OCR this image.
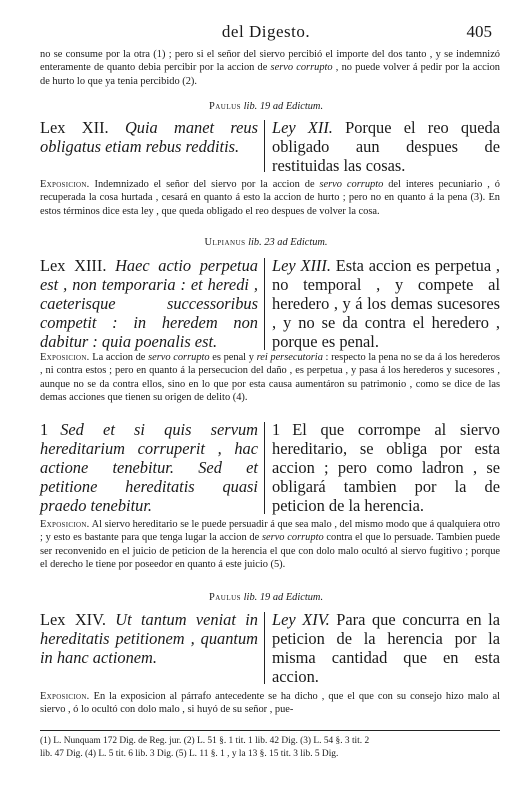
del Digesto.	405

no se consume por la otra (1) ; pero si el señor del siervo percibió el importe del dos tanto , y se indemnizó enteramente de quanto debia percibir por la accion de servo corrupto , no puede volver á pedir por la accion de hurto lo que ya tenia percibido (2).

Paulus lib. 19 ad Edictum.

Lex XII. Quia manet reus obligatus etiam rebus redditis.

Ley XII. Porque el reo queda obligado aun despues de restituidas las cosas.

Exposicion. Indemnizado el señor del siervo por la accion de servo corrupto del interes pecuniario , ó recuperada la cosa hurtada , cesará en quanto á esto la accion de hurto ; pero no en quanto á la pena (3). En estos términos dice esta ley , que queda obligado el reo despues de volver la cosa.

Ulpianus lib. 23 ad Edictum.

Lex XIII. Haec actio perpetua est , non temporaria : et heredi , caeterisque successoribus competit : in heredem non dabitur : quia poenalis est.

Ley XIII. Esta accion es perpetua , no temporal , y compete al heredero , y á los demas sucesores , y no se da contra el heredero , porque es penal.

Exposicion. La accion de servo corrupto es penal y rei persecutoria : respecto la pena no se da á los herederos , ni contra estos ; pero en quanto á la persecucion del daño , es perpetua , y pasa á los herederos y sucesores , aunque no se da contra ellos, sino en lo que por esta causa aumentáron su patrimonio , como se dice de las demas acciones que tienen su origen de delito (4).

1 Sed et si quis servum hereditarium corruperit , hac actione tenebitur. Sed et petitione hereditatis quasi praedo tenebitur.

1 El que corrompe al siervo hereditario, se obliga por esta accion ; pero como ladron , se obligará tambien por la de peticion de la herencia.

Exposicion. Al siervo hereditario se le puede persuadir á que sea malo , del mismo modo que á qualquiera otro ; y esto es bastante para que tenga lugar la accion de servo corrupto contra el que lo persuade. Tambien puede ser reconvenido en el juicio de peticion de la herencia el que con dolo malo ocultó al siervo fugitivo ; porque el derecho le tiene por poseedor en quanto á este juicio (5).

Paulus lib. 19 ad Edictum.

Lex XIV. Ut tantum veniat in hereditatis petitionem , quantum in hanc actionem.

Ley XIV. Para que concurra en la peticion de la herencia por la misma cantidad que en esta accion.

Exposicion. En la exposicion al párrafo antecedente se ha dicho , que el que con su consejo hizo malo al siervo , ó lo ocultó con dolo malo , si huyó de su señor , pue-

(1) L. Nunquam 172 Dig. de Reg. jur. (2) L. 51 §. 1 tit. 1 lib. 42 Dig. (3) L. 54 §. 3 tit. 2
lib. 47 Dig. (4) L. 5 tit. 6 lib. 3 Dig. (5) L. 11 §. 1 , y la 13 §. 15 tit. 3 lib. 5 Dig.
